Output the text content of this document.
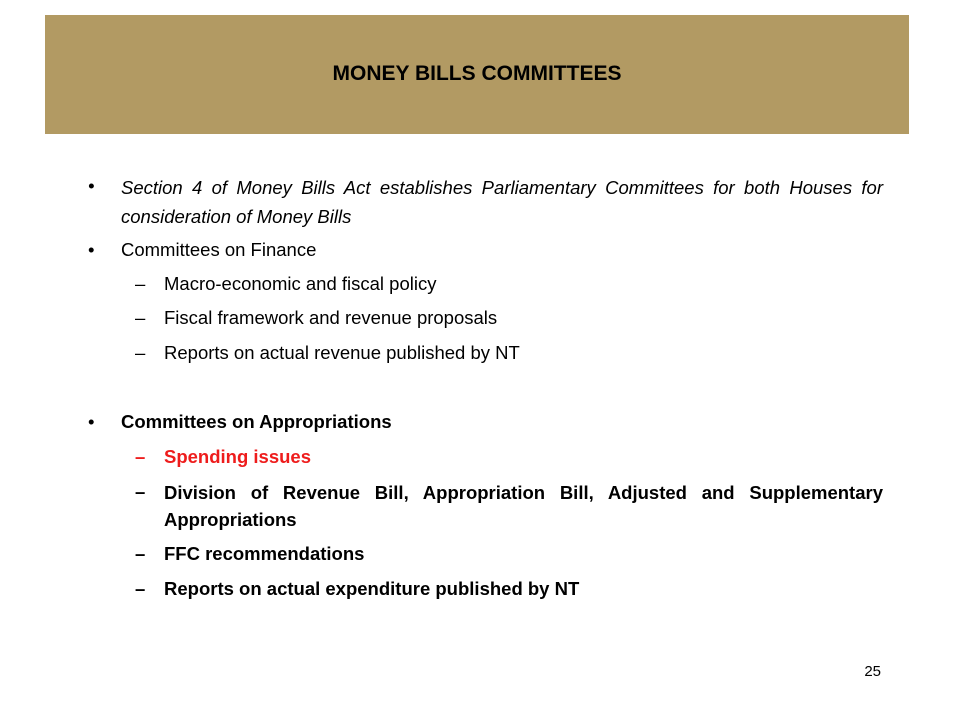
MONEY BILLS COMMITTEES
• Section 4 of Money Bills Act establishes Parliamentary Committees for both Houses for consideration of Money Bills
• Committees on Finance
– Macro-economic and fiscal policy
– Fiscal framework and revenue proposals
– Reports on actual revenue published by NT
• Committees on Appropriations
– Spending issues
– Division of Revenue Bill, Appropriation Bill, Adjusted and Supplementary Appropriations
– FFC recommendations
– Reports on actual expenditure published by NT
25
